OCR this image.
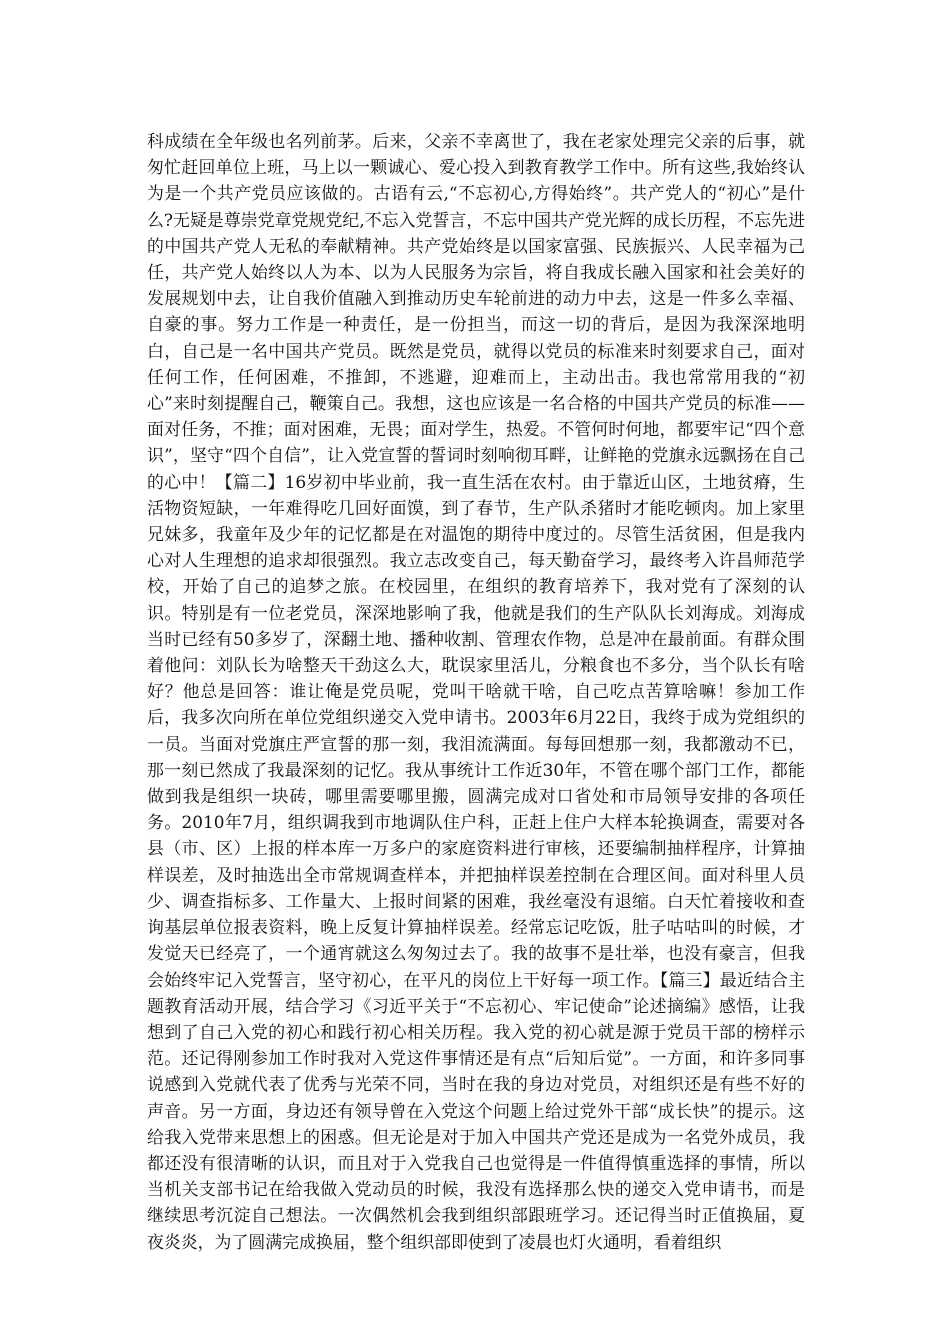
科成绩在全年级也名列前茅。后来，父亲不幸离世了，我在老家处理完父亲的后事，就匆忙赶回单位上班，马上以一颗诚心、爱心投入到教育教学工作中。所有这些,我始终认为是一个共产党员应该做的。古语有云,“不忘初心,方得始终”。共产党人的“初心”是什么?无疑是尊崇党章党规党纪,不忘入党誓言，不忘中国共产党光辉的成长历程，不忘先进的中国共产党人无私的奉献精神。共产党始终是以国家富强、民族振兴、人民幸福为己任，共产党人始终以人为本、以为人民服务为宗旨，将自我成长融入国家和社会美好的发展规划中去，让自我价值融入到推动历史车轮前进的动力中去，这是一件多么幸福、自豪的事。努力工作是一种责任，是一份担当，而这一切的背后，是因为我深深地明白，自己是一名中国共产党员。既然是党员，就得以党员的标准来时刻要求自己，面对任何工作，任何困难，不推卸，不逃避，迎难而上，主动出击。我也常常用我的“初心”来时刻提醒自己，鞭策自己。我想，这也应该是一名合格的中国共产党员的标准——面对任务，不推；面对困难，无畏；面对学生，热爱。不管何时何地，都要牢记“四个意识”，坚守“四个自信”，让入党宣誓的誓词时刻响彻耳畔，让鲜艳的党旗永远飘扬在自己的心中！【篇二】16岁初中毕业前，我一直生活在农村。由于靠近山区，土地贫瘠，生活物资短缺，一年难得吃几回好面馍，到了春节，生产队杀猪时才能吃顿肉。加上家里兄妹多，我童年及少年的记忆都是在对温饱的期待中度过的。尽管生活贫困，但是我内心对人生理想的追求却很强烈。我立志改变自己，每天勤奋学习，最终考入许昌师范学校，开始了自己的追梦之旅。在校园里，在组织的教育培养下，我对党有了深刻的认识。特别是有一位老党员，深深地影响了我，他就是我们的生产队队长刘海成。刘海成当时已经有50多岁了，深翻土地、播种收割、管理农作物，总是冲在最前面。有群众围着他问：刘队长为啥整天干劲这么大，耽误家里活儿，分粮食也不多分，当个队长有啥好？他总是回答：谁让俺是党员呢，党叫干啥就干啥，自己吃点苦算啥嘛！参加工作后，我多次向所在单位党组织递交入党申请书。2003年6月22日，我终于成为党组织的一员。当面对党旗庄严宣誓的那一刻，我泪流满面。每每回想那一刻，我都激动不已，那一刻已然成了我最深刻的记忆。我从事统计工作近30年，不管在哪个部门工作，都能做到我是组织一块砖，哪里需要哪里搬，圆满完成对口省处和市局领导安排的各项任务。2010年7月，组织调我到市地调队住户科，正赶上住户大样本轮换调查，需要对各县（市、区）上报的样本库一万多户的家庭资料进行审核，还要编制抽样程序，计算抽样误差，及时抽选出全市常规调查样本，并把抽样误差控制在合理区间。面对科里人员少、调查指标多、工作量大、上报时间紧的困难，我丝毫没有退缩。白天忙着接收和查询基层单位报表资料，晚上反复计算抽样误差。经常忘记吃饭，肚子咕咕叫的时候，才发觉天已经亮了，一个通宵就这么匆匆过去了。我的故事不是壮举，也没有豪言，但我会始终牢记入党誓言，坚守初心，在平凡的岗位上干好每一项工作。【篇三】最近结合主题教育活动开展，结合学习《习近平关于“不忘初心、牢记使命”论述摘编》感悟，让我想到了自己入党的初心和践行初心相关历程。我入党的初心就是源于党员干部的榜样示范。还记得刚参加工作时我对入党这件事情还是有点“后知后觉”。一方面，和许多同事说感到入党就代表了优秀与光荣不同，当时在我的身边对党员，对组织还是有些不好的声音。另一方面，身边还有领导曾在入党这个问题上给过党外干部“成长快”的提示。这给我入党带来思想上的困惑。但无论是对于加入中国共产党还是成为一名党外成员，我都还没有很清晰的认识，而且对于入党我自己也觉得是一件值得慎重选择的事情，所以当机关支部书记在给我做入党动员的时候，我没有选择那么快的递交入党申请书，而是继续思考沉淀自己想法。一次偶然机会我到组织部跟班学习。还记得当时正值换届，夏夜炎炎，为了圆满完成换届，整个组织部即使到了凌晨也灯火通明，看着组织
